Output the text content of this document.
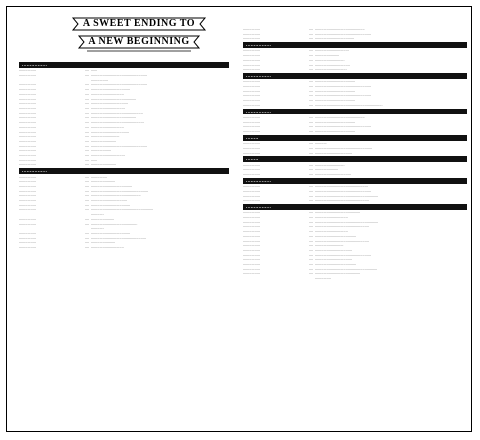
A SWEET ENDING TO
A NEW BEGINNING
................
................	.... ......
................	.... .....................................................
................
................	.... .....................................................
................	.... .....................................
................	.... ...............................
................	.... ...........................................
................	.... ...................................
................	.... ................................
................	.... .................................................
................	.... ...........................................
................	.... ..................................................
................	.... ...............................
................	.... ....................................
................	.... ...........................
................	.... ........................
................	.... .....................................................
................	.... ...................
................	.... ................................
................	.... ......
................	.... ........................
................
................	.... ...............
................	.... .......................
................	.... .......................................
................	.... ......................................................
................	.... ...............................................
................	.... ..................................
................	.... .....................................
................	.... ...........................................................
............
................	.... ......................
................	.... ............................................
............
................	.... .....................................
................	.... ....................................................
................	.... .......................
................	.... ...............................
................	.... ...............................................
................	.... .....................................................
................	.... .....................................
................
................	.... ................................
................	.... .......................
................	.... ............................
................	.... .................................
................	.... ..............................
................
................	.... ......................................
................	.... .....................................................
................	.... ......................................
................	.... .....................................................
................	.... ......................................
................	.... ................................................................
................
................	.... ...............................................
................	.... ......................................
................	.... .....................................................
................	.... ......................................
........
................	.... ...........
................	.... ......................................................
................	.... ...................................
........
................	.... ............................
................	.... ......................
................	.... ..................................
................
................	.... ..................................................
................	.... .....................................................
................	.... ............................................................
................	.... ...................................................
................
................	.... ...........................................
................	.... ...............................
................	.... ............................................................
................	.... ...................................................
................	.... ...............................
................	.... .......................................
................	.... ...................................................
................	.... ...........................
................	.... ...................................
................	.... .....................................................
................	.... ...................................
................	.... .......................................
................	.... ...........................................................
................	.... ...........................................
...............
